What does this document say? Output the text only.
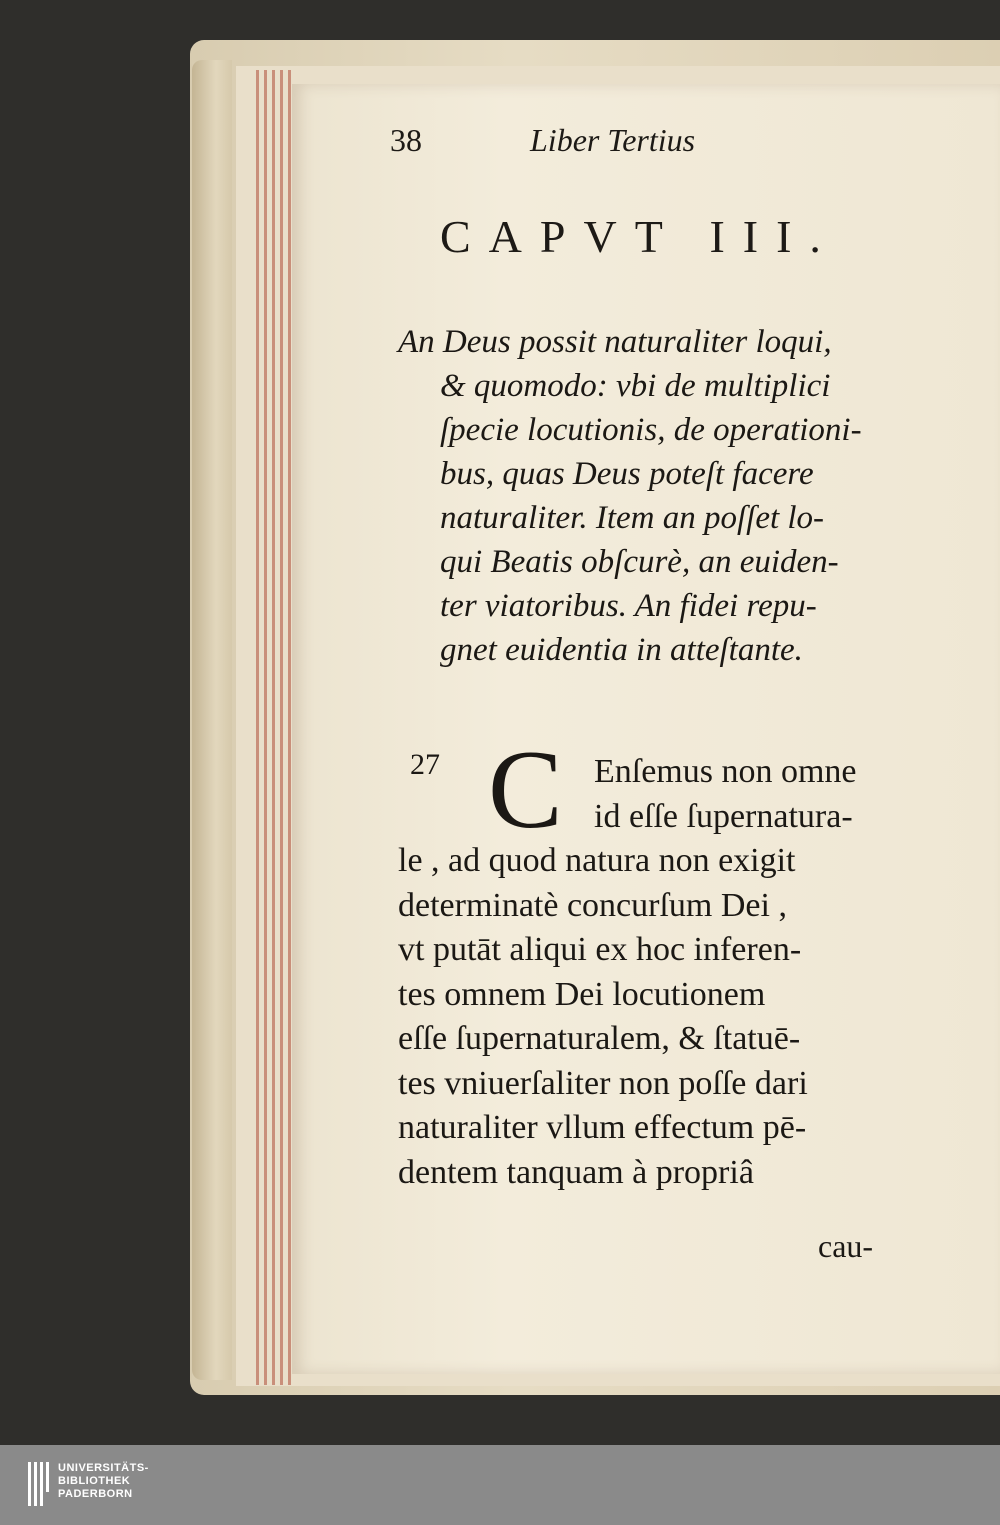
38	Liber Tertius
CAPVT III.
An Deus possit naturaliter loqui,
& quomodo: vbi de multiplici
ſpecie locutionis, de operationi-
bus, quas Deus poteſt facere
naturaliter. Item an poſſet lo-
qui Beatis obſcurè, an euiden-
ter viatoribus. An fidei repu-
gnet euidentia in atteſtante.
27 C Enſemus non omne
id eſſe ſupernatura-
le , ad quod natura non exigit
determinatè concurſum Dei ,
vt putāt aliqui ex hoc inferen-
tes omnem Dei locutionem
eſſe ſupernaturalem, & ſtatuē-
tes vniuerſaliter non poſſe dari
naturaliter vllum effectum pē-
dentem tanquam à propriâ
cau-
UNIVERSITÄTS-
BIBLIOTHEK
PADERBORN
